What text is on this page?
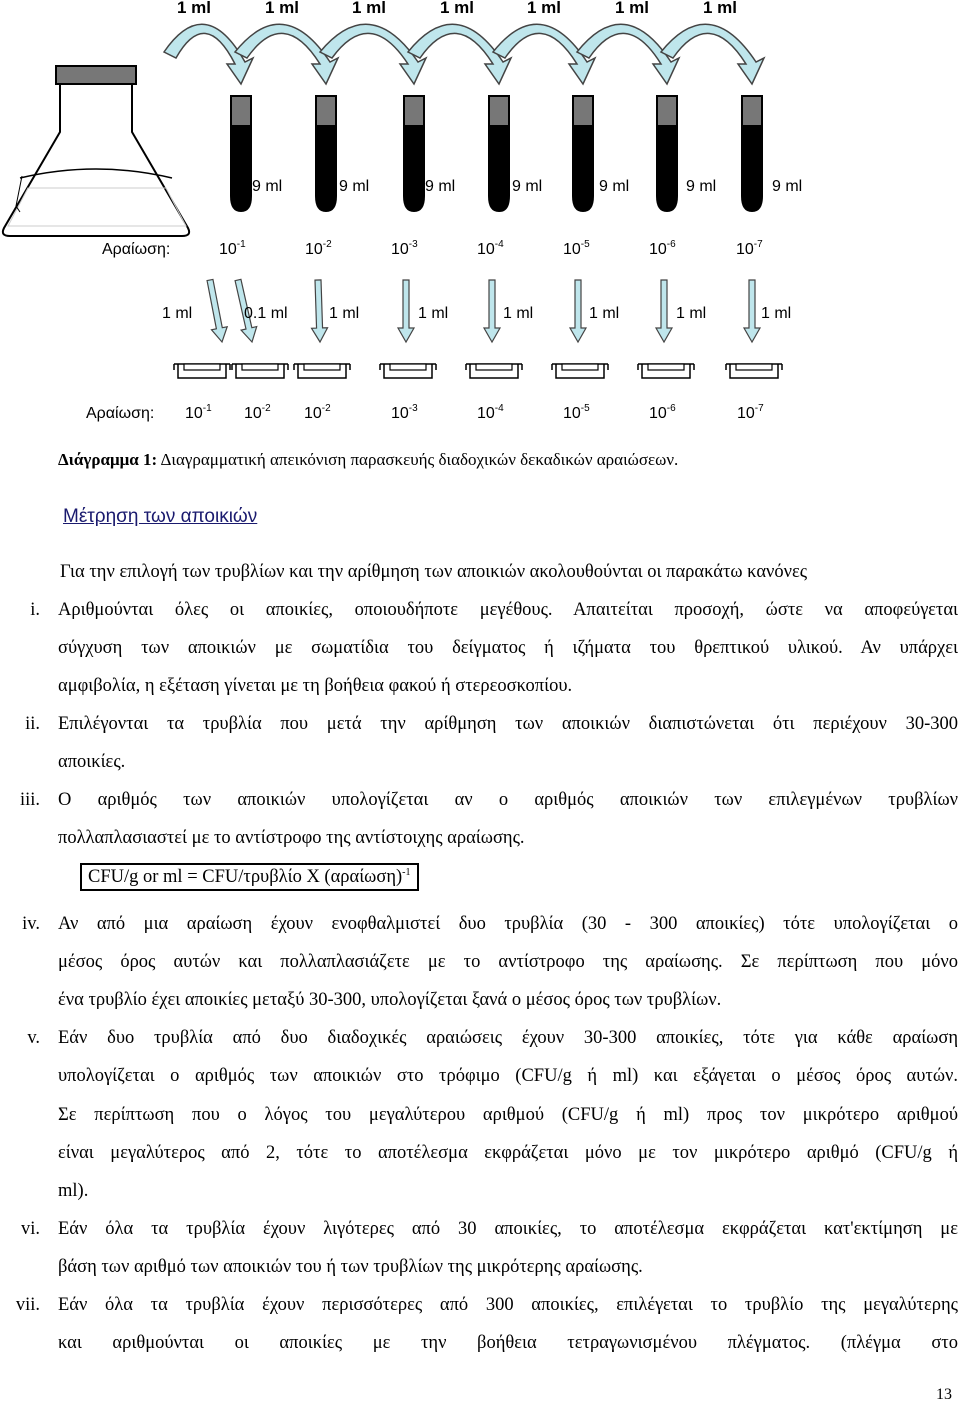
1 ml	1 ml	1 ml	1 ml	1 ml	1 ml	1 ml
9 ml	9 ml	9 ml	9 ml	9 ml	9 ml	9 ml
Αραίωση:	$10^{-1}$	$10^{-2}$	$10^{-3}$	$10^{-4}$	$10^{-5}$	$10^{-6}$	$10^{-7}$
1 ml	0.1 ml	1 ml	1 ml	1 ml	1 ml	1 ml	1 ml
Αραίωση: $10^{-1}$ $10^{-2}$ $10^{-2}$	$10^{-3}$	$10^{-4}$	$10^{-5}$	$10^{-6}$	$10^{-7}$
Διάγραμμα 1: Διαγραμματική απεικόνιση παρασκευής διαδοχικών δεκαδικών αραιώσεων.
Μέτρηση των αποικιών
Για την επιλογή των τρυβλίων και την αρίθμηση των αποικιών ακολουθούνται οι παρακάτω κανόνες
i. Αριθμούνται όλες οι αποικίες, οποιουδήποτε μεγέθους. Απαιτείται προσοχή, ώστε να αποφεύγεται
σύγχυση των αποικιών με σωματίδια του δείγματος ή ιζήματα του θρεπτικού υλικού. Αν υπάρχει
αμφιβολία, η εξέταση γίνεται με τη βοήθεια φακού ή στερεοσκοπίου.
ii. Επιλέγονται τα τρυβλία που μετά την αρίθμηση των αποικιών διαπιστώνεται ότι περιέχουν 30-300
αποικίες.
iii. Ο αριθμός των αποικιών υπολογίζεται αν ο αριθμός αποικιών των επιλεγμένων τρυβλίων
πολλαπλασιαστεί με το αντίστροφο της αντίστοιχης αραίωσης.
iv. Αν από μια αραίωση έχουν ενοφθαλμιστεί δυο τρυβλία (30 - 300 αποικίες) τότε υπολογίζεται ο
μέσος όρος αυτών και πολλαπλασιάζετε με το αντίστροφο της αραίωσης. Σε περίπτωση που μόνο
ένα τρυβλίο έχει αποικίες μεταξύ 30-300, υπολογίζεται ξανά ο μέσος όρος των τρυβλίων.
v. Εάν δυο τρυβλία από δυο διαδοχικές αραιώσεις έχουν 30-300 αποικίες, τότε για κάθε αραίωση
υπολογίζεται ο αριθμός των αποικιών στο τρόφιμο (CFU/g ή ml) και εξάγεται ο μέσος όρος αυτών.
Σε περίπτωση που ο λόγος του μεγαλύτερου αριθμού (CFU/g ή ml) προς τον μικρότερο αριθμού
είναι μεγαλύτερος από 2, τότε το αποτέλεσμα εκφράζεται μόνο με τον μικρότερο αριθμό (CFU/g ή
ml).
vi. Εάν όλα τα τρυβλία έχουν λιγότερες από 30 αποικίες, το αποτέλεσμα εκφράζεται κατ'εκτίμηση με
βάση των αριθμό των αποικιών του ή των τρυβλίων της μικρότερης αραίωσης.
vii. Εάν όλα τα τρυβλία έχουν περισσότερες από 300 αποικίες, επιλέγεται το τρυβλίο της μεγαλύτερης
και αριθμούνται οι αποικίες με την βοήθεια τετραγωνισμένου πλέγματος. (πλέγμα στο
CFU/g or ml = CFU/τρυβλίο X $(\alpha\rho\alpha ί\omega\sigma\eta)^{-1}$
13
